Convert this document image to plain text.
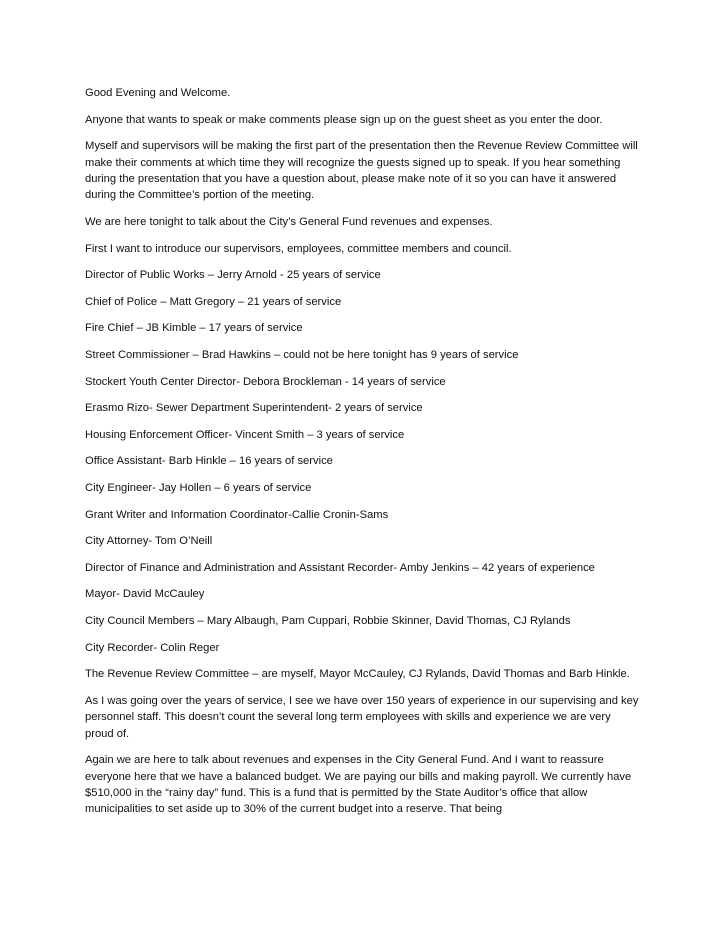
Good Evening and Welcome.

Anyone that wants to speak or make comments please sign up on the guest sheet as you enter the door.

Myself and supervisors will be making the first part of the presentation then the Revenue Review Committee will make their comments at which time they will recognize the guests signed up to speak. If you hear something during the presentation that you have a question about, please make note of it so you can have it answered during the Committee’s portion of the meeting.

We are here tonight to talk about the City’s General Fund revenues and expenses.

First I want to introduce our supervisors, employees, committee members and council.

Director of Public Works – Jerry Arnold - 25 years of service

Chief of Police – Matt Gregory – 21 years of service

Fire Chief – JB Kimble – 17 years of service

Street Commissioner – Brad Hawkins – could not be here tonight has 9 years of service

Stockert Youth Center Director- Debora Brockleman - 14 years of service

Erasmo Rizo- Sewer Department Superintendent- 2 years of service

Housing Enforcement Officer- Vincent Smith – 3 years of service

Office Assistant- Barb Hinkle – 16 years of service

City Engineer- Jay Hollen – 6 years of service

Grant Writer and Information Coordinator-Callie Cronin-Sams

City Attorney- Tom O’Neill

Director of Finance and Administration and Assistant Recorder- Amby Jenkins – 42 years of experience

Mayor- David McCauley

City Council Members – Mary Albaugh, Pam Cuppari, Robbie Skinner, David Thomas, CJ Rylands

City Recorder- Colin Reger

The Revenue Review Committee – are myself, Mayor McCauley, CJ Rylands, David Thomas and Barb Hinkle.

As I was going over the years of service, I see we have over 150 years of experience in our supervising and key personnel staff. This doesn’t count the several long term employees with skills and experience we are very proud of.

Again we are here to talk about revenues and expenses in the City General Fund. And I want to reassure everyone here that we have a balanced budget. We are paying our bills and making payroll. We currently have $510,000 in the “rainy day” fund. This is a fund that is permitted by the State Auditor’s office that allow municipalities to set aside up to 30% of the current budget into a reserve. That being
